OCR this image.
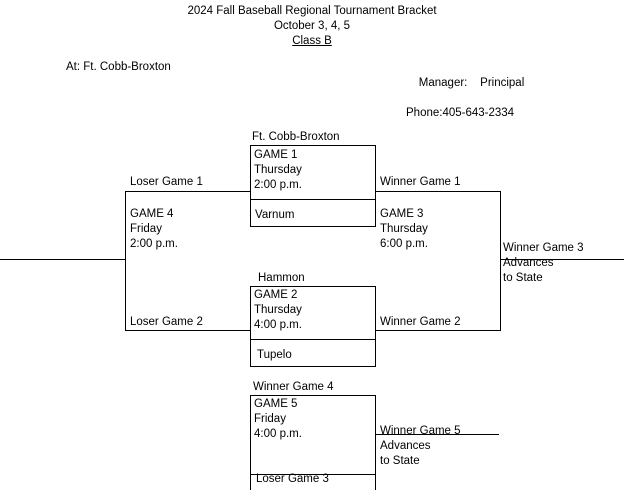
2024 Fall Baseball Regional Tournament Bracket
October 3, 4, 5
Class B
At: Ft. Cobb-Broxton

Manager: Principal

Phone:405-643-2334
Ft. Cobb-Broxton
GAME 1
Thursday
2:00 p.m.
Varnum
Hammon
GAME 2
Thursday
4:00 p.m.
Tupelo
Winner Game 1
GAME 3
Thursday
6:00 p.m.
Winner Game 2
Winner Game 3
Advances
to State
Loser Game 1
GAME 4
Friday
2:00 p.m.
Loser Game 2
Winner Game 4
GAME 5
Friday
4:00 p.m.
Loser Game 3
Winner Game 5
Advances
to State
